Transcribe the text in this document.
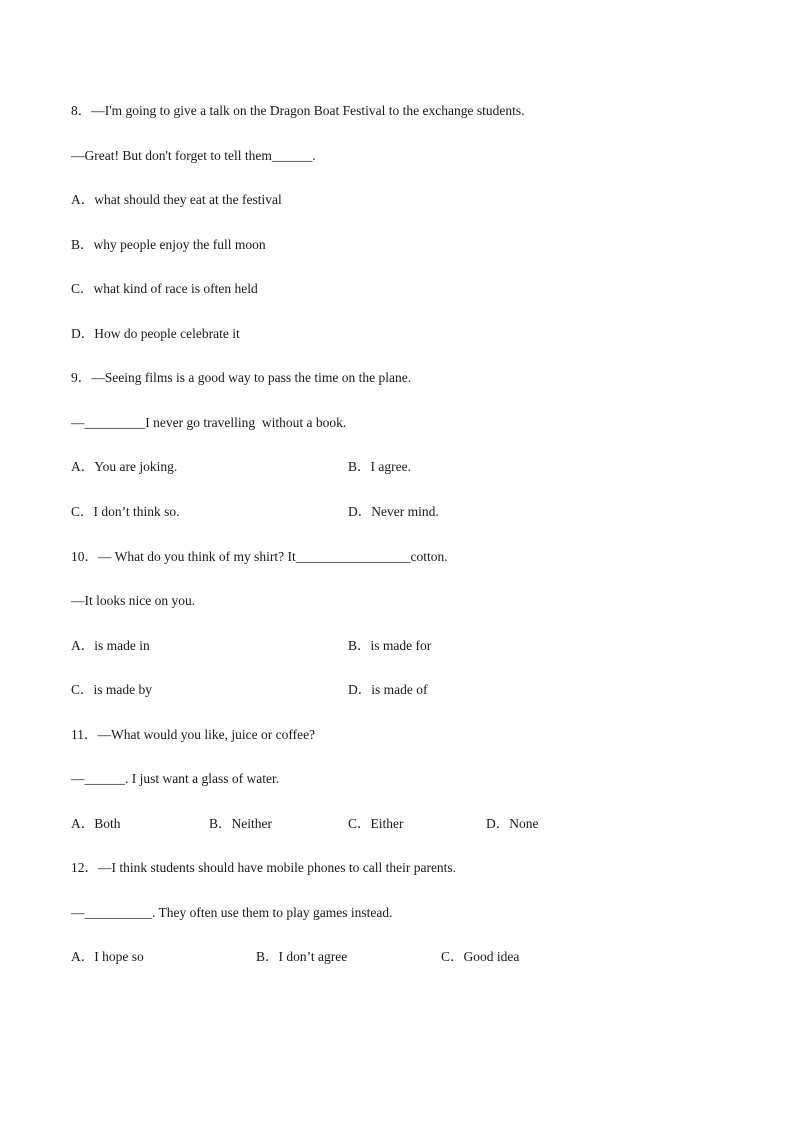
8．—I'm going to give a talk on the Dragon Boat Festival to the exchange students.
—Great! But don't forget to tell them______.
A．what should they eat at the festival
B．why people enjoy the full moon
C．what kind of race is often held
D．How do people celebrate it
9．—Seeing films is a good way to pass the time on the plane.
—_________I never go travelling  without a book.
A．You are joking.	B．I agree.
C．I don’t think so.	D．Never mind.
10．— What do you think of my shirt? It_________________cotton.
—It looks nice on you.
A．is made in	B．is made for
C．is made by	D．is made of
11．—What would you like, juice or coffee?
—______. I just want a glass of water.
A．Both	B．Neither	C．Either	D．None
12．—I think students should have mobile phones to call their parents.
—__________. They often use them to play games instead.
A．I hope so	B．I don’t agree	C．Good idea
